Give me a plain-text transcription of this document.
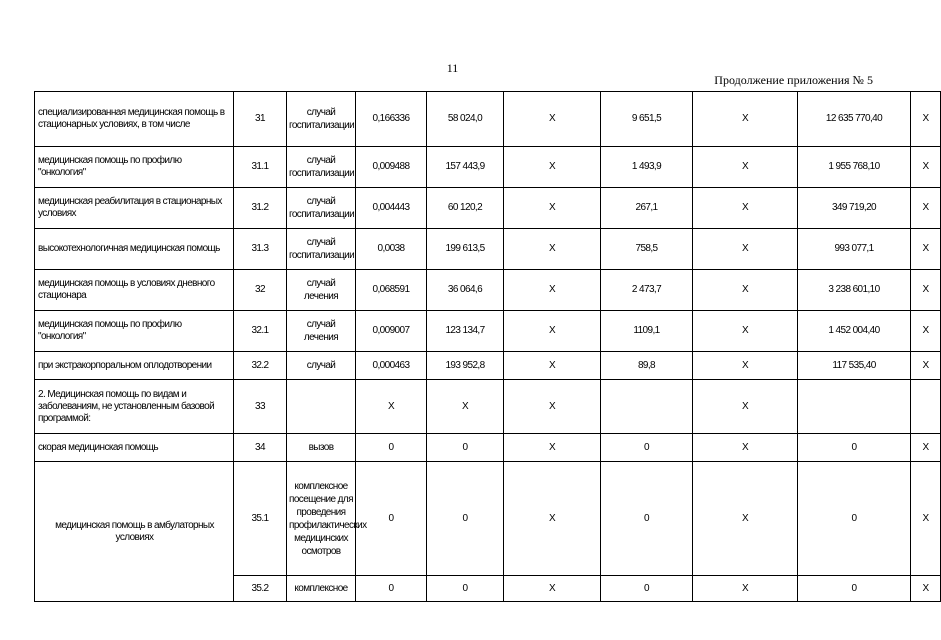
11
Продолжение приложения № 5
специализированная медицинская помощь в стационарных условиях, в том числе	31	случай госпитализации	0,166336	58 024,0	X	9 651,5	X	12 635 770,40	X
медицинская помощь по профилю "онкология"	31.1	случай госпитализации	0,009488	157 443,9	X	1 493,9	X	1 955 768,10	X
медицинская реабилитация в стационарных условиях	31.2	случай госпитализации	0,004443	60 120,2	X	267,1	X	349 719,20	X
высокотехнологичная медицинская помощь	31.3	случай госпитализации	0,0038	199 613,5	X	758,5	X	993 077,1	X
медицинская помощь в условиях дневного стационара	32	случай лечения	0,068591	36 064,6	X	2 473,7	X	3 238 601,10	X
медицинская помощь по профилю "онкология"	32.1	случай лечения	0,009007	123 134,7	X	1109,1	X	1 452 004,40	X
при экстракорпоральном оплодотворении	32.2	случай	0,000463	193 952,8	X	89,8	X	117 535,40	X
2. Медицинская помощь по видам и заболеваниям, не установленным базовой программой:	33		X	X	X		X		
скорая медицинская помощь	34	вызов	0	0	X	0	X	0	X
медицинская помощь в амбулаторных условиях	35.1	комплексное посещение для проведения профилактических медицинских осмотров	0	0	X	0	X	0	X
	35.2	комплексное	0	0	X	0	X	0	X
